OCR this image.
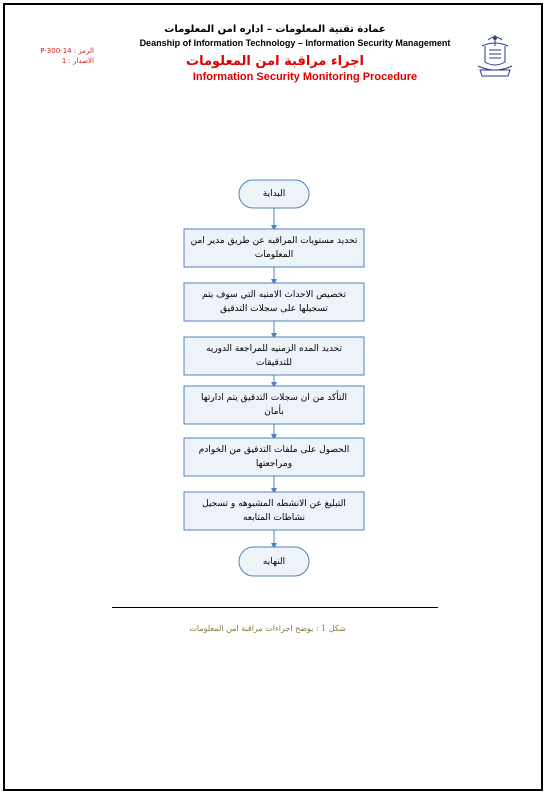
عمادة تقنية المعلومات – اداره امن المعلومات
Deanship of Information Technology – Information Security Management
اجراء مراقبة امن المعلومات
Information Security Monitoring Procedure
الرمز : 14-P-300
الاصدار : 1
البداية
تحديد مستويات المراقبه عن طريق مدير امن المعلومات
تخصيص الاحداث الامنيه التي سوف يتم تسجيلها على سجلات التدقيق
تحديد المده الزمنيه للمراجعة الدوريه للتدقيقات
التأكد من ان سجلات التدقيق يتم ادارتها بأمان
الحصول على ملفات التدقيق من الخوادم ومراجعتها
التبليغ عن الانشطه المشبوهه و تسجيل نشاطات المتابعه
النهايه
شكل 1 : يوضح اجراءات مراقبة امن المعلومات
